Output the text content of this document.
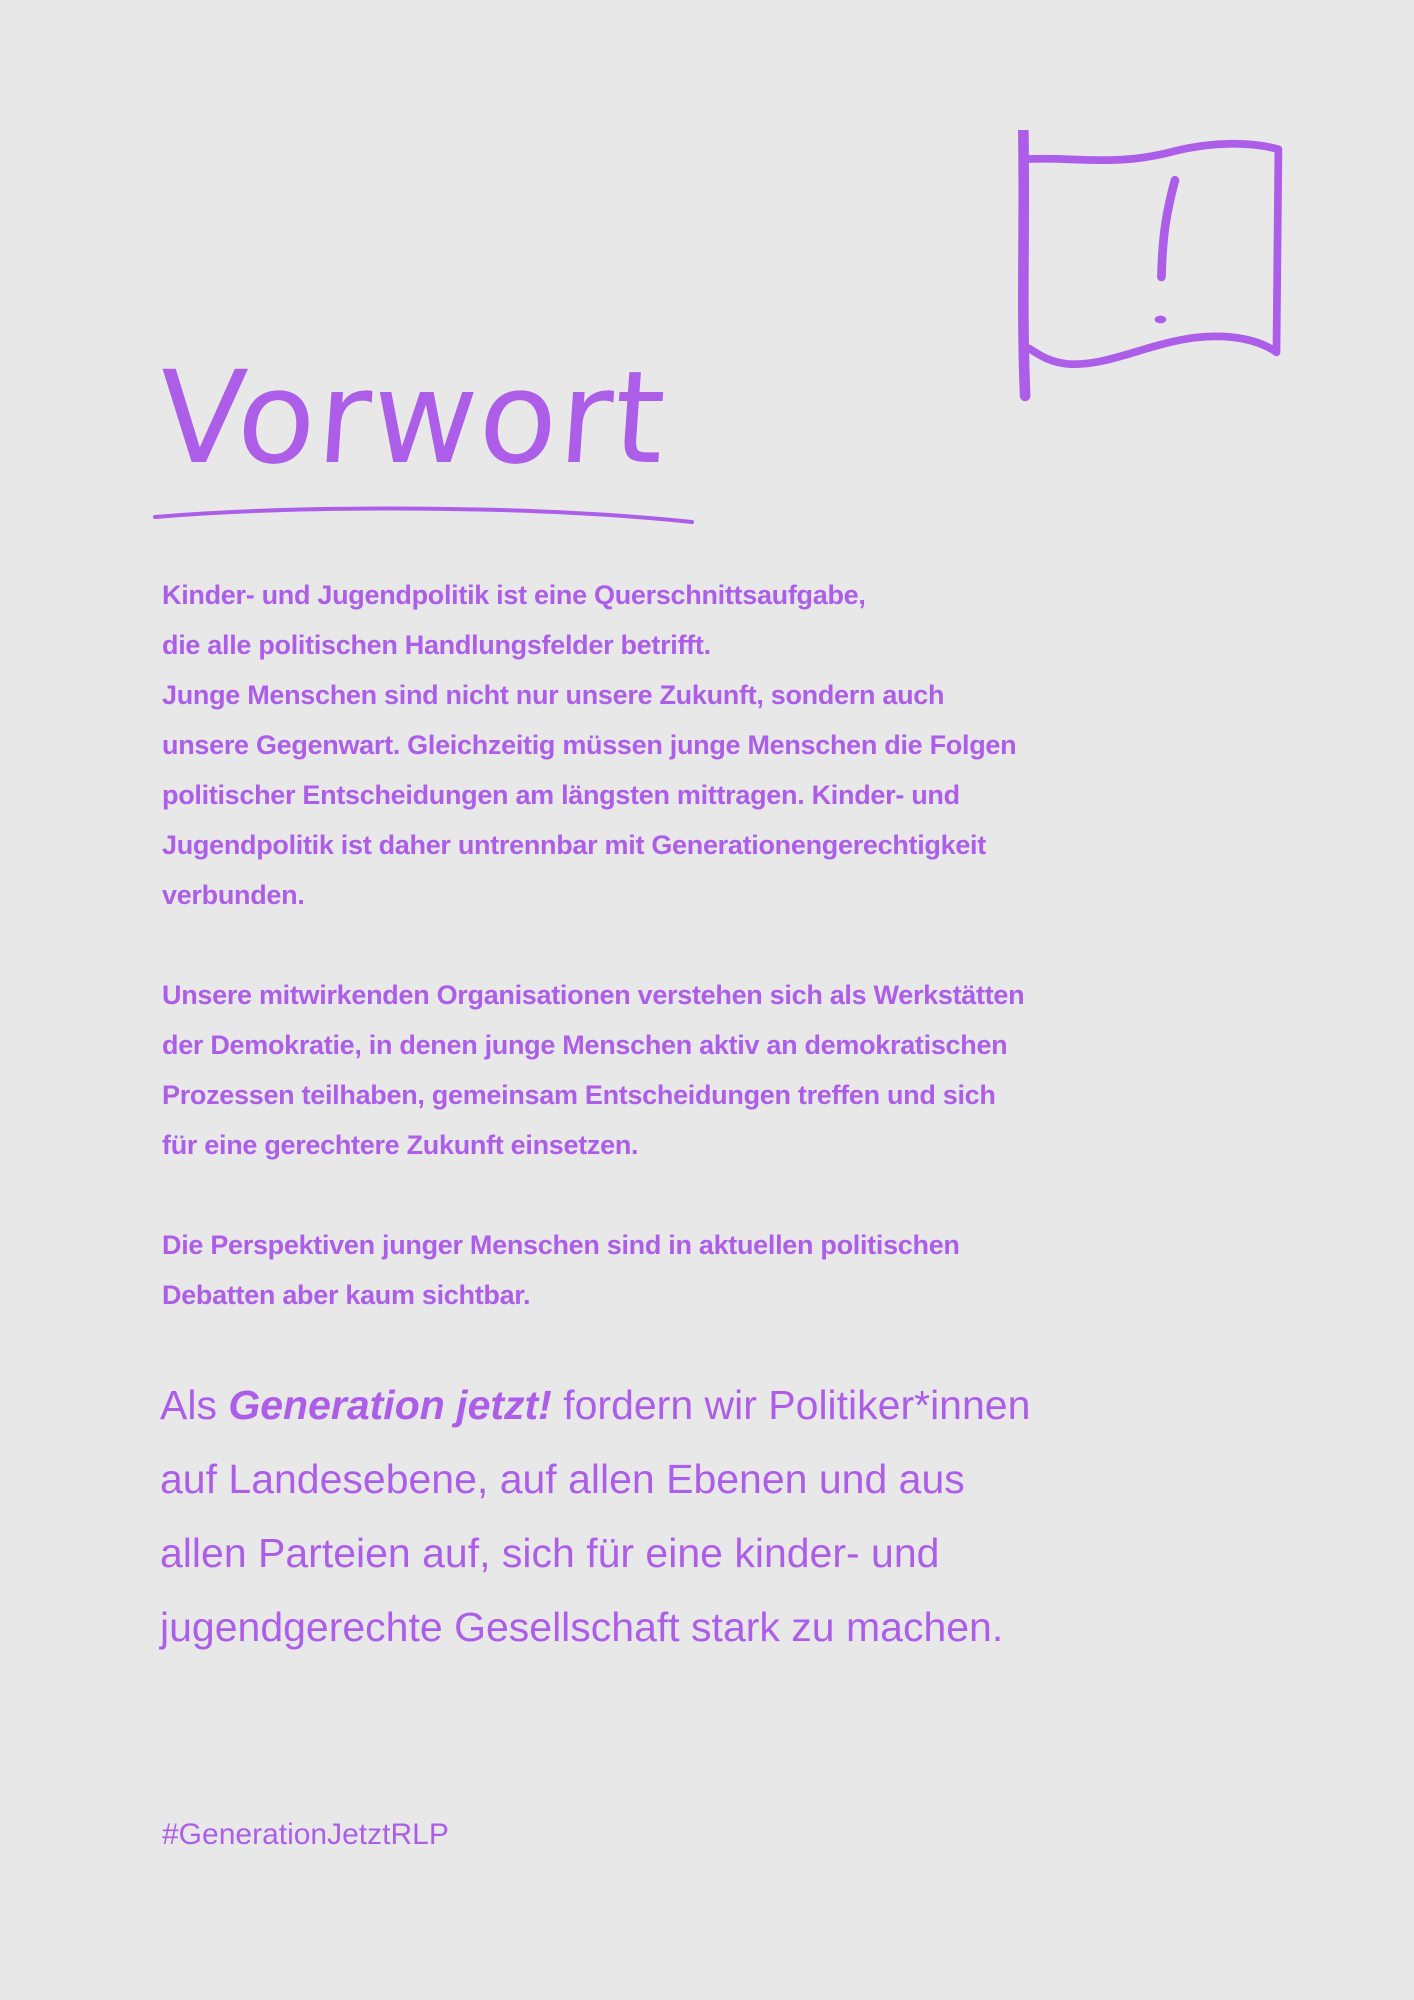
Vorwort
Kinder- und Jugendpolitik ist eine Querschnittsaufgabe,
die alle politischen Handlungsfelder betrifft.
Junge Menschen sind nicht nur unsere Zukunft, sondern auch
unsere Gegenwart. Gleichzeitig müssen junge Menschen die Folgen
politischer Entscheidungen am längsten mittragen. Kinder- und
Jugendpolitik ist daher untrennbar mit Generationengerechtigkeit
verbunden.
Unsere mitwirkenden Organisationen verstehen sich als Werkstätten
der Demokratie, in denen junge Menschen aktiv an demokratischen
Prozessen teilhaben, gemeinsam Entscheidungen treffen und sich
für eine gerechtere Zukunft einsetzen.
Die Perspektiven junger Menschen sind in aktuellen politischen
Debatten aber kaum sichtbar.
Als Generation jetzt! fordern wir Politiker*innen
auf Landesebene, auf allen Ebenen und aus
allen Parteien auf, sich für eine kinder- und
jugendgerechte Gesellschaft stark zu machen.
#GenerationJetztRLP
